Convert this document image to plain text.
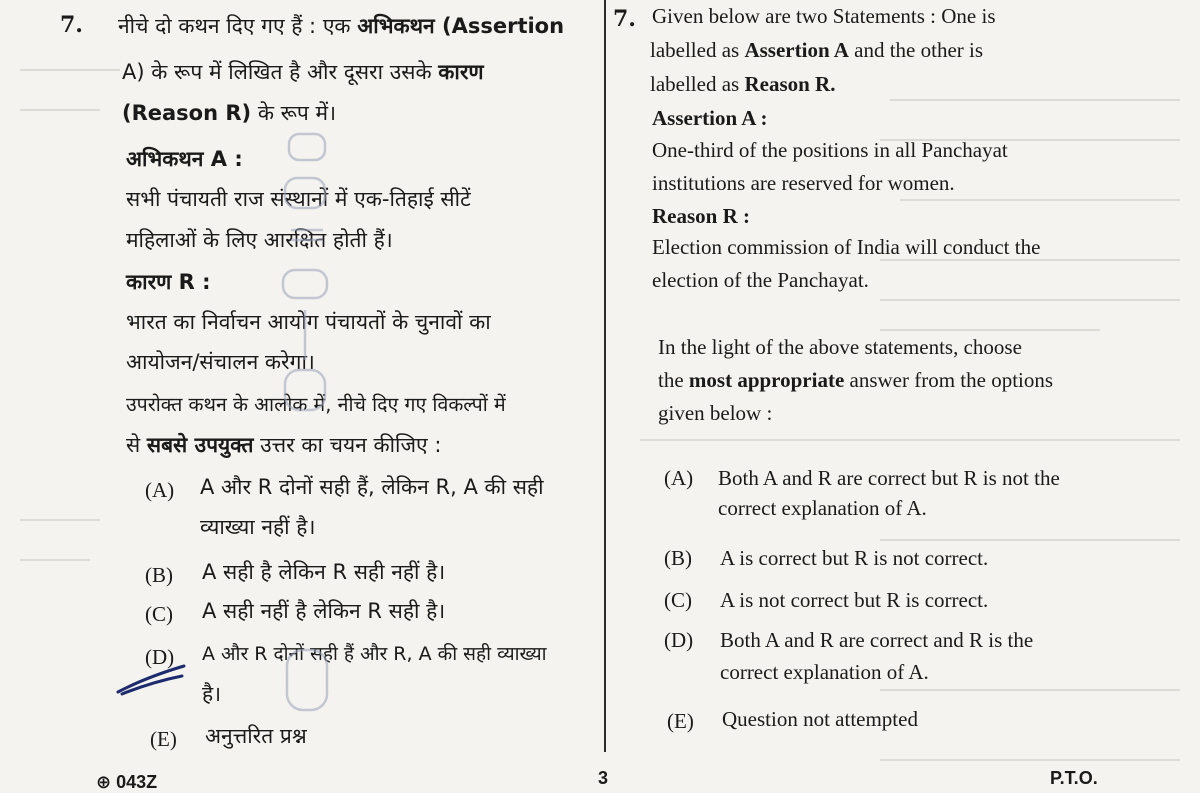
7. नीचे दो कथन दिए गए हैं : एक अभिकथन (Assertion
A) के रूप में लिखित है और दूसरा उसके कारण
(Reason R) के रूप में।
अभिकथन A :
सभी पंचायती राज संस्थानों में एक-तिहाई सीटें
महिलाओं के लिए आरक्षित होती हैं।
कारण R :
भारत का निर्वाचन आयोग पंचायतों के चुनावों का
आयोजन/संचालन करेगा।
उपरोक्त कथन के आलोक में, नीचे दिए गए विकल्पों में
से सबसे उपयुक्त उत्तर का चयन कीजिए :
(A) A और R दोनों सही हैं, लेकिन R, A की सही
व्याख्या नहीं है।
(B) A सही है लेकिन R सही नहीं है।
(C) A सही नहीं है लेकिन R सही है।
(D) A और R दोनों सही हैं और R, A की सही व्याख्या
है।
(E) अनुत्तरित प्रश्न
7. Given below are two Statements : One is
labelled as Assertion A and the other is
labelled as Reason R.
Assertion A :
One-third of the positions in all Panchayat
institutions are reserved for women.
Reason R :
Election commission of India will conduct the
election of the Panchayat.
In the light of the above statements, choose
the most appropriate answer from the options
given below :
(A) Both A and R are correct but R is not the
correct explanation of A.
(B) A is correct but R is not correct.
(C) A is not correct but R is correct.
(D) Both A and R are correct and R is the
correct explanation of A.
(E) Question not attempted
⊕ 043Z	3	P.T.O.
